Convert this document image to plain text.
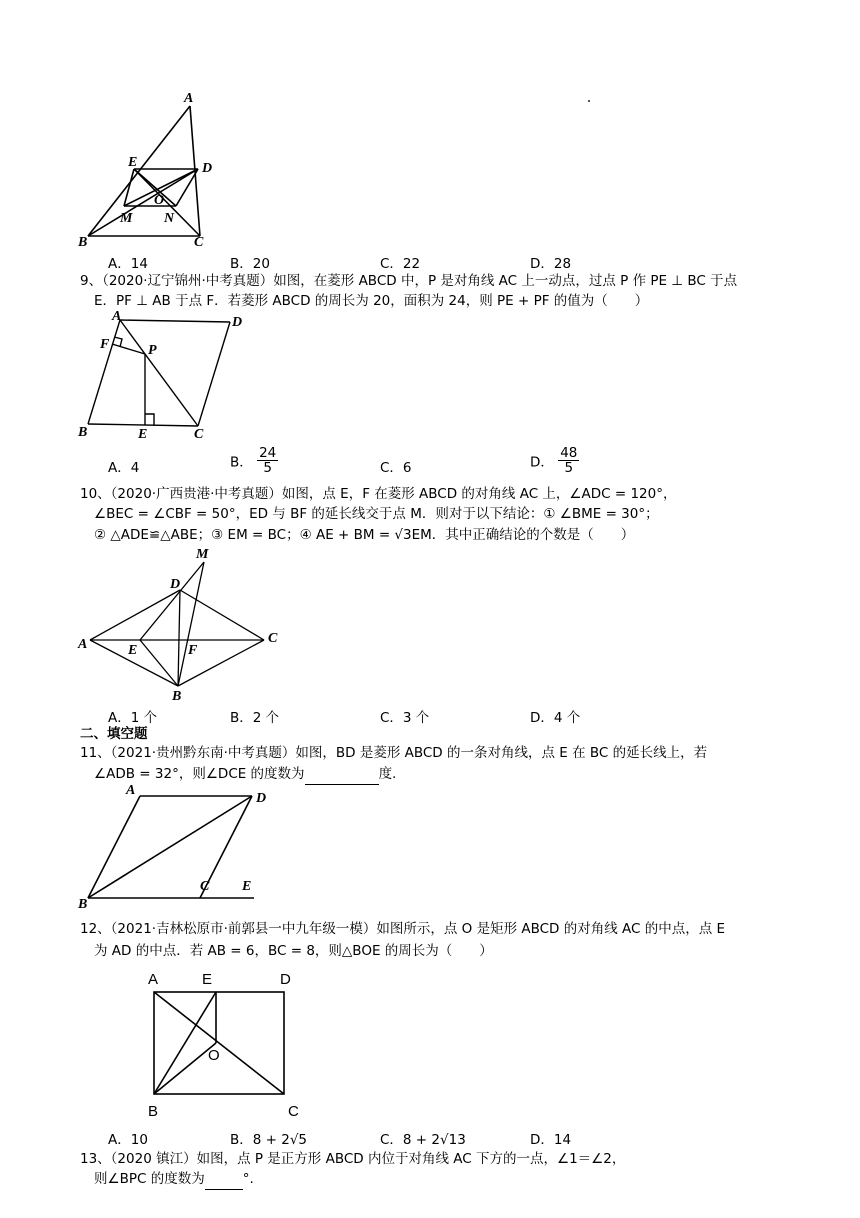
A
E	D
O
M N
B	C
A．14	B．20	C．22	D．28
9、（2020·辽宁锦州·中考真题）如图，在菱形 ABCD 中，P 是对角线 AC 上一动点，过点 P 作 PE ⊥ BC 于点
E．PF ⊥ AB 于点 F．若菱形 ABCD 的周长为 20，面积为 24，则 PE + PF 的值为（　　）
A	D
F	P
B	E	C
A．4	B． $\frac{24}{5}$	C．6	D． $\frac{48}{5}$
10、（2020·广西贵港·中考真题）如图，点 E，F 在菱形 ABCD 的对角线 AC 上，∠ADC = 120°，
∠BEC = ∠CBF = 50°，ED 与 BF 的延长线交于点 M．则对于以下结论：① ∠BME = 30°；
② △ADE≌△ABE；③ EM = BC；④ AE + BM = √3EM．其中正确结论的个数是（　　）
M
D
A	E	F
C
B
A．1 个	B．2 个	C．3 个	D．4 个
二、填空题
11、（2021·贵州黔东南·中考真题）如图，BD 是菱形 ABCD 的一条对角线，点 E 在 BC 的延长线上，若
∠ADB = 32°，则∠DCE 的度数为	度.
A
D
B
C E
12、（2021·吉林松原市·前郭县一中九年级一模）如图所示，点 O 是矩形 ABCD 的对角线 AC 的中点，点 E
为 AD 的中点．若 AB = 6，BC = 8，则△BOE 的周长为（　　）
A	E	D
O
B	C
A．10	B．8 + 2√5	C．8 + 2√13	D．14
13、（2020 镇江）如图，点 P 是正方形 ABCD 内位于对角线 AC 下方的一点，∠1＝∠2，
则∠BPC 的度数为	°.
